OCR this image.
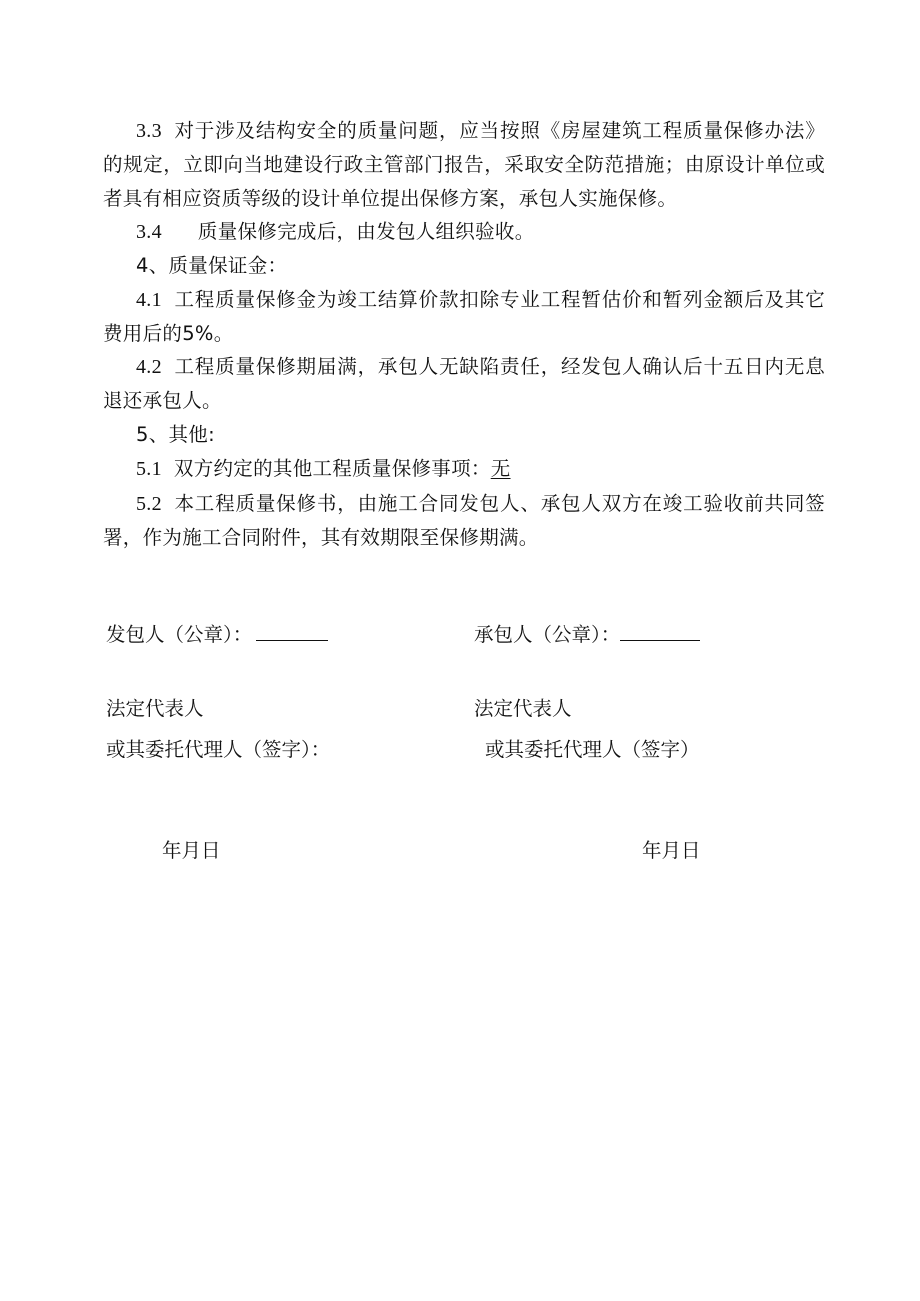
3.3 对于涉及结构安全的质量问题，应当按照《房屋建筑工程质量保修办法》的规定，立即向当地建设行政主管部门报告，采取安全防范措施；由原设计单位或者具有相应资质等级的设计单位提出保修方案，承包人实施保修。

3.4 质量保修完成后，由发包人组织验收。

4、质量保证金：

4.1 工程质量保修金为竣工结算价款扣除专业工程暂估价和暂列金额后及其它费用后的5%。

4.2 工程质量保修期届满，承包人无缺陷责任，经发包人确认后十五日内无息退还承包人。

5、其他:

5.1 双方约定的其他工程质量保修事项：无

5.2 本工程质量保修书，由施工合同发包人、承包人双方在竣工验收前共同签署，作为施工合同附件，其有效期限至保修期满。

发包人（公章）：

法定代表人

或其委托代理人（签字）：

年月日

承包人（公章）：

法定代表人

或其委托代理人（签字）

年月日
